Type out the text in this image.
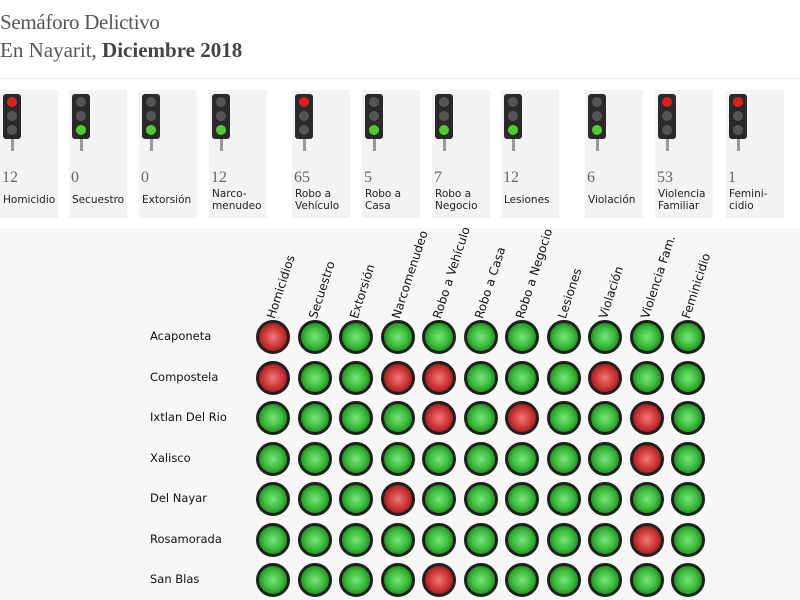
Semáforo Delictivo
En Nayarit, Diciembre 2018
12
Homicidio
0
Secuestro
0
Extorsión
12
Narco-
menudeo
65
Robo a
Vehículo
5
Robo a
Casa
7
Robo a
Negocio
12
Lesiones
6
Violación
53
Violencia
Familiar
1
Femini-
cidio
Homicidios Secuestro Extorsión Narcomenudeo Robo a Vehículo
Robo a Casa Robo a Negocio Lesiones Violación Violencia Fam. Feminicidio
Acaponeta
Compostela
Ixtlan Del Rio
Xalisco
Del Nayar
Rosamorada
San Blas
